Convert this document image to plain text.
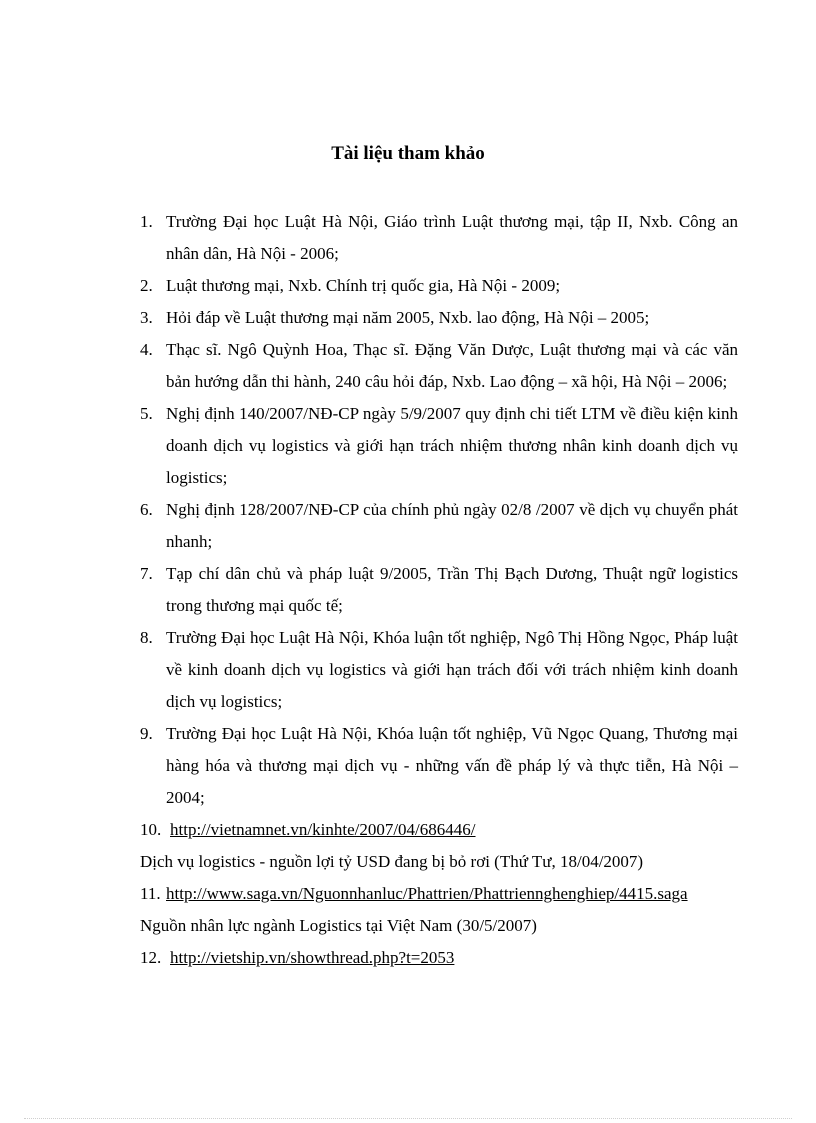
Tài liệu tham khảo
1. Trường Đại học Luật Hà Nội, Giáo trình Luật thương mại, tập II, Nxb. Công an nhân dân, Hà Nội - 2006;
2. Luật thương mại, Nxb. Chính trị quốc gia, Hà Nội - 2009;
3. Hỏi đáp về Luật thương mại năm 2005, Nxb. lao động, Hà Nội – 2005;
4. Thạc sĩ. Ngô Quỳnh Hoa, Thạc sĩ. Đặng Văn Dược, Luật thương mại và các văn bản hướng dẫn thi hành, 240 câu hỏi đáp, Nxb. Lao động – xã hội, Hà Nội – 2006;
5. Nghị định 140/2007/NĐ-CP ngày 5/9/2007 quy định chi tiết LTM về điều kiện kinh doanh dịch vụ logistics và giới hạn trách nhiệm thương nhân kinh doanh dịch vụ logistics;
6. Nghị định 128/2007/NĐ-CP của chính phủ ngày 02/8 /2007 về dịch vụ chuyển phát nhanh;
7. Tạp chí dân chủ và pháp luật 9/2005, Trần Thị Bạch Dương, Thuật ngữ logistics trong thương mại quốc tế;
8. Trường Đại học Luật Hà Nội, Khóa luận tốt nghiệp, Ngô Thị Hồng Ngọc, Pháp luật về kinh doanh dịch vụ logistics và giới hạn trách đối với trách nhiệm kinh doanh dịch vụ logistics;
9. Trường Đại học Luật Hà Nội, Khóa luận tốt nghiệp, Vũ Ngọc Quang, Thương mại hàng hóa và thương mại dịch vụ - những vấn đề pháp lý và thực tiễn, Hà Nội – 2004;
10. http://vietnamnet.vn/kinhte/2007/04/686446/
Dịch vụ logistics - nguồn lợi tỷ USD đang bị bỏ rơi (Thứ Tư, 18/04/2007)
11. http://www.saga.vn/Nguonnhanluc/Phattrien/Phattriennghenghiep/4415.saga
Nguồn nhân lực ngành Logistics tại Việt Nam (30/5/2007)
12. http://vietship.vn/showthread.php?t=2053
